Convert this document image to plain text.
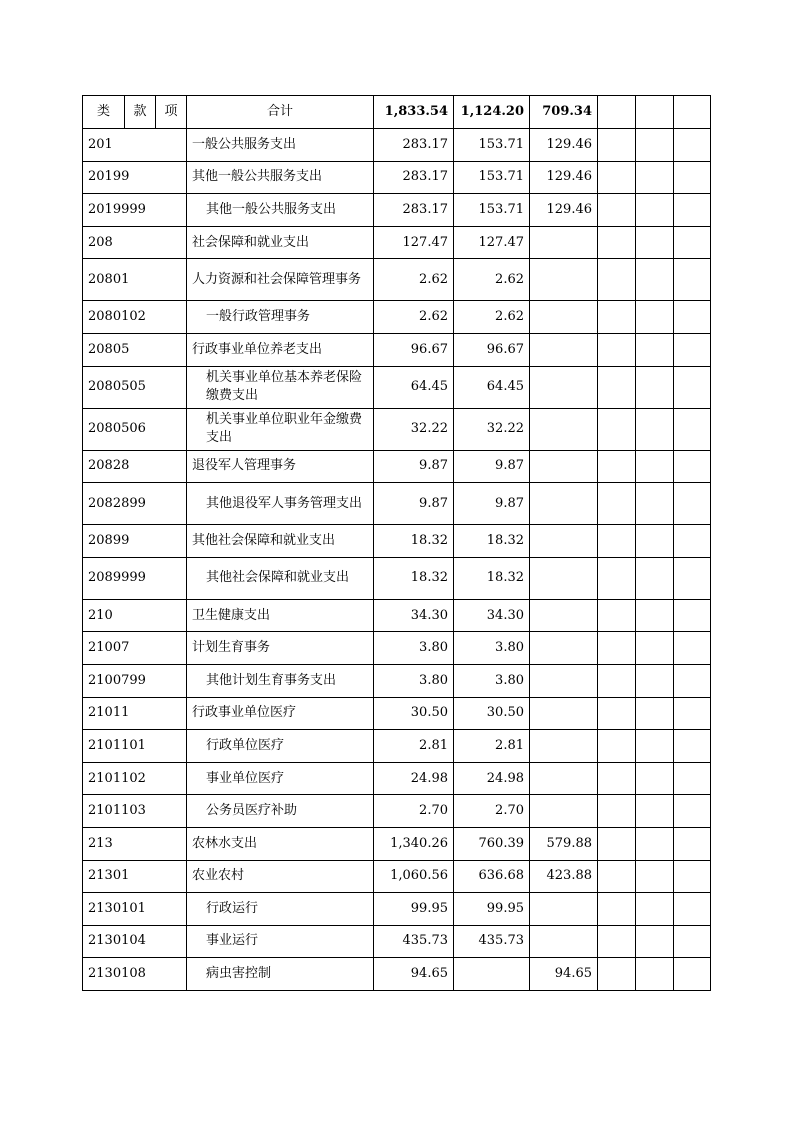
类	款	项	合计	1,833.54	1,124.20	709.34			
201			一般公共服务支出	283.17	153.71	129.46			
20199			其他一般公共服务支出	283.17	153.71	129.46			
2019999			其他一般公共服务支出	283.17	153.71	129.46			
208			社会保障和就业支出	127.47	127.47				
20801			人力资源和社会保障管理事务	2.62	2.62				
2080102			一般行政管理事务	2.62	2.62				
20805			行政事业单位养老支出	96.67	96.67				
2080505			机关事业单位基本养老保险缴费支出	64.45	64.45				
2080506			机关事业单位职业年金缴费支出	32.22	32.22				
20828			退役军人管理事务	9.87	9.87				
2082899			其他退役军人事务管理支出	9.87	9.87				
20899			其他社会保障和就业支出	18.32	18.32				
2089999			其他社会保障和就业支出	18.32	18.32				
210			卫生健康支出	34.30	34.30				
21007			计划生育事务	3.80	3.80				
2100799			其他计划生育事务支出	3.80	3.80				
21011			行政事业单位医疗	30.50	30.50				
2101101			行政单位医疗	2.81	2.81				
2101102			事业单位医疗	24.98	24.98				
2101103			公务员医疗补助	2.70	2.70				
213			农林水支出	1,340.26	760.39	579.88			
21301			农业农村	1,060.56	636.68	423.88			
2130101			行政运行	99.95	99.95				
2130104			事业运行	435.73	435.73				
2130108			病虫害控制	94.65		94.65			
